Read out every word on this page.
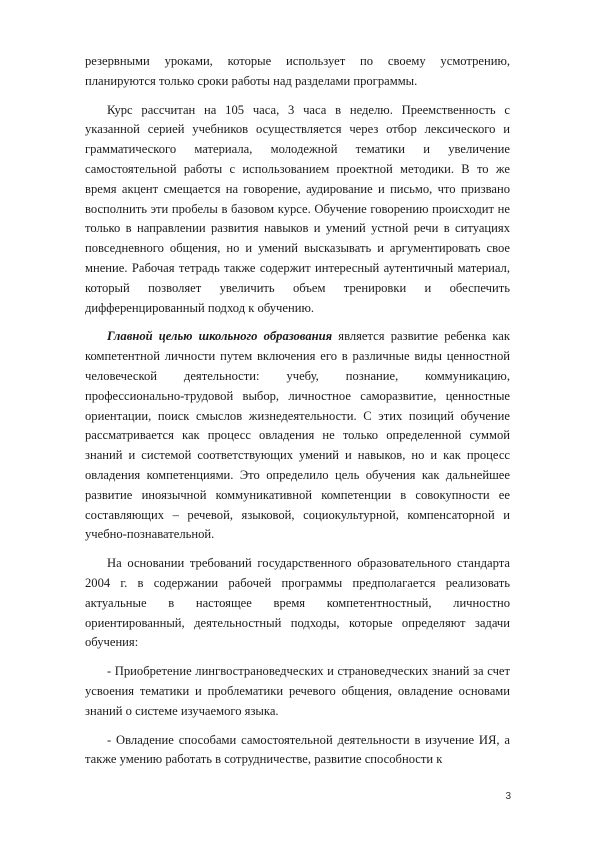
резервными уроками, которые использует по своему усмотрению, планируются только сроки работы над разделами программы.

Курс рассчитан на 105 часа, 3 часа в неделю. Преемственность с указанной серией учебников осуществляется через отбор лексического и грамматического материала, молодежной тематики и увеличение самостоятельной работы с использованием проектной методики. В то же время акцент смещается на говорение, аудирование и письмо, что призвано восполнить эти пробелы в базовом курсе. Обучение говорению происходит не только в направлении развития навыков и умений устной речи в ситуациях повседневного общения, но и умений высказывать и аргументировать свое мнение. Рабочая тетрадь также содержит интересный аутентичный материал, который позволяет увеличить объем тренировки и обеспечить дифференцированный подход к обучению.

Главной целью школьного образования является развитие ребенка как компетентной личности путем включения его в различные виды ценностной человеческой деятельности: учебу, познание, коммуникацию, профессионально-трудовой выбор, личностное саморазвитие, ценностные ориентации, поиск смыслов жизнедеятельности. С этих позиций обучение рассматривается как процесс овладения не только определенной суммой знаний и системой соответствующих умений и навыков, но и как процесс овладения компетенциями. Это определило цель обучения как дальнейшее развитие иноязычной коммуникативной компетенции в совокупности ее составляющих – речевой, языковой, социокультурной, компенсаторной и учебно-познавательной.

На основании требований государственного образовательного стандарта 2004 г. в содержании рабочей программы предполагается реализовать актуальные в настоящее время компетентностный, личностно ориентированный, деятельностный подходы, которые определяют задачи обучения:

- Приобретение лингвострановедческих и страноведческих знаний за счет усвоения тематики и проблематики речевого общения, овладение основами знаний о системе изучаемого языка.

- Овладение способами самостоятельной деятельности в изучение ИЯ, а также умению работать в сотрудничестве, развитие способности к

3
